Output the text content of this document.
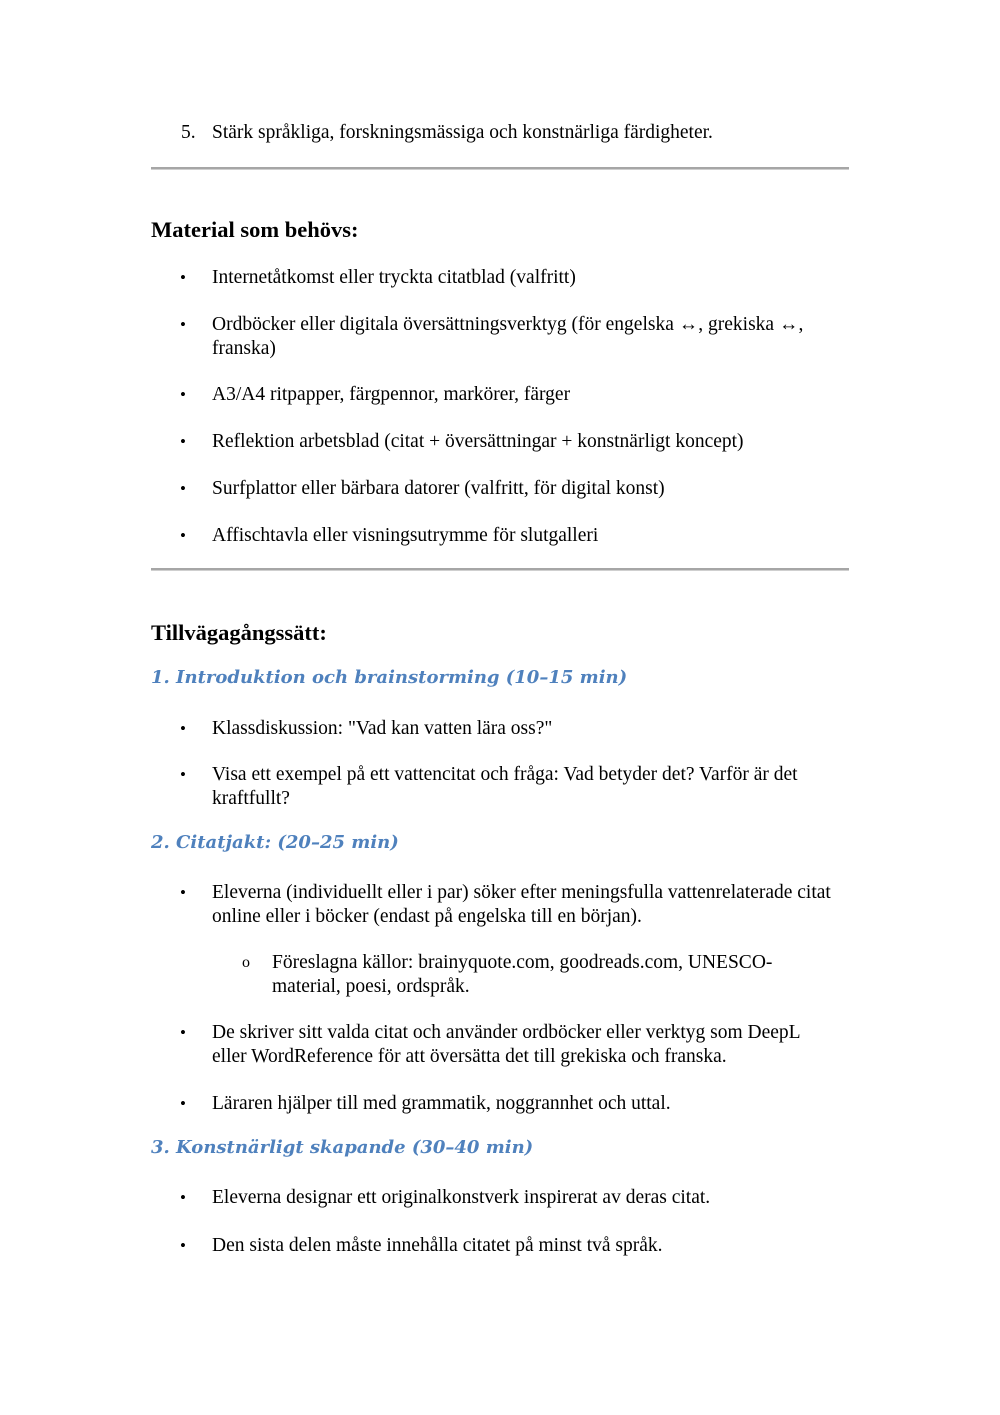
5. Stärk språkliga, forskningsmässiga och konstnärliga färdigheter.
Material som behövs:
• Internetåtkomst eller tryckta citatblad (valfritt)
• Ordböcker eller digitala översättningsverktyg (för engelska ↔, grekiska ↔, franska)
• A3/A4 ritpapper, färgpennor, markörer, färger
• Reflektion arbetsblad (citat + översättningar + konstnärligt koncept)
• Surfplattor eller bärbara datorer (valfritt, för digital konst)
• Affischtavla eller visningsutrymme för slutgalleri
Tillvägagångssätt:
1. Introduktion och brainstorming (10–15 min)
• Klassdiskussion: "Vad kan vatten lära oss?"
• Visa ett exempel på ett vattencitat och fråga: Vad betyder det? Varför är det kraftfullt?
2. Citatjakt: (20–25 min)
• Eleverna (individuellt eller i par) söker efter meningsfulla vattenrelaterade citat online eller i böcker (endast på engelska till en början).
o Föreslagna källor: brainyquote.com, goodreads.com, UNESCO-material, poesi, ordspråk.
• De skriver sitt valda citat och använder ordböcker eller verktyg som DeepL eller WordReference för att översätta det till grekiska och franska.
• Läraren hjälper till med grammatik, noggrannhet och uttal.
3. Konstnärligt skapande (30–40 min)
• Eleverna designar ett originalkonstverk inspirerat av deras citat.
• Den sista delen måste innehålla citatet på minst två språk.
